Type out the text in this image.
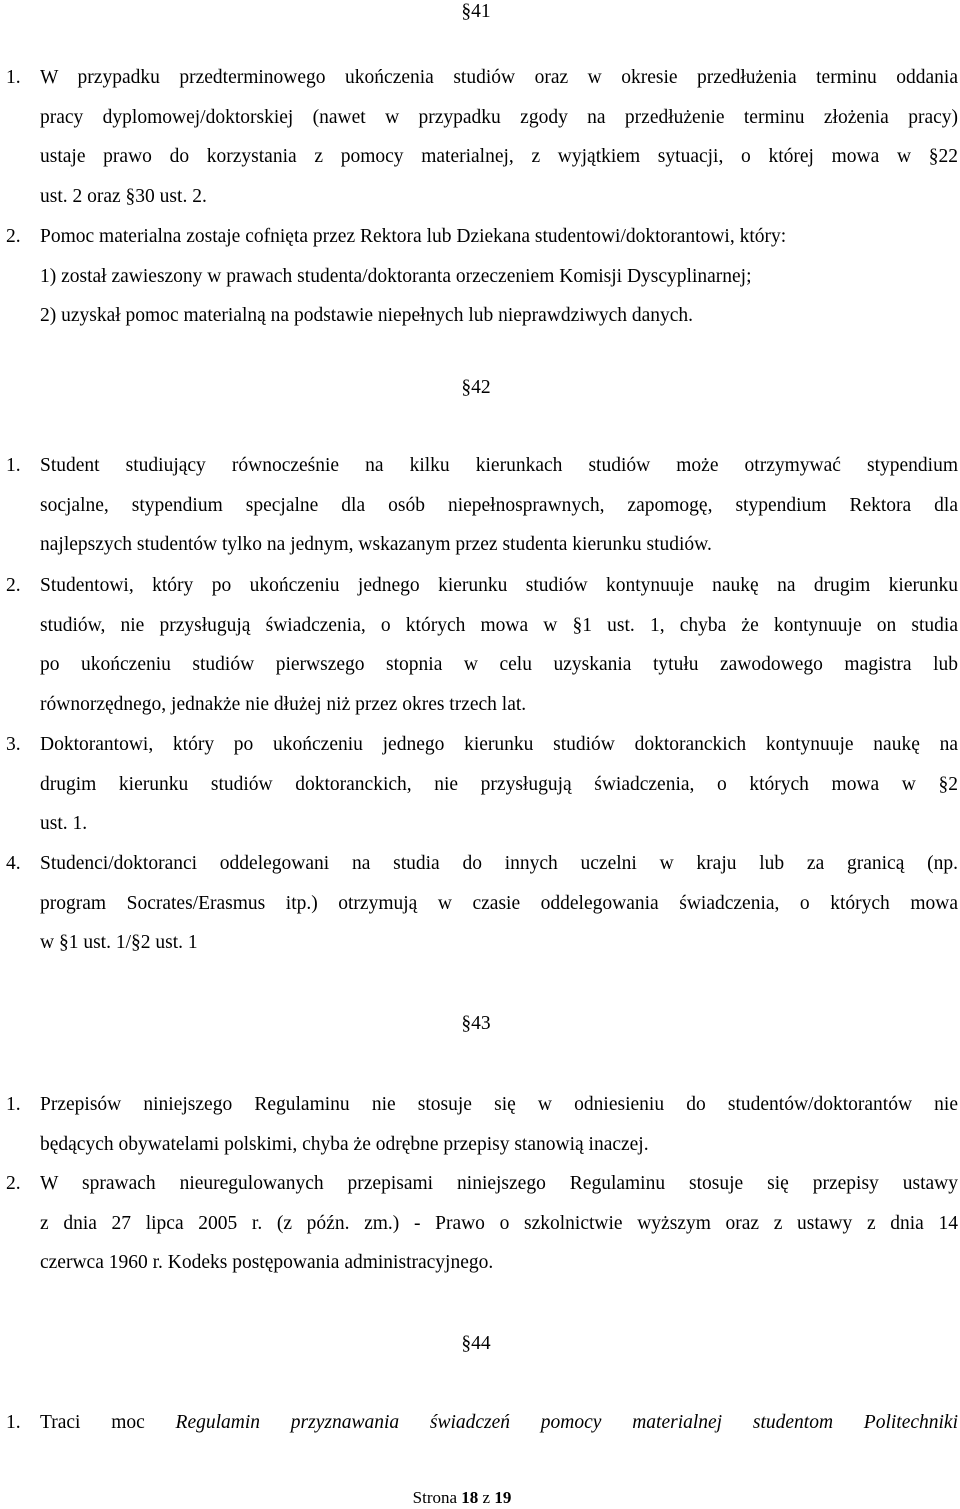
§41
1. W przypadku przedterminowego ukończenia studiów oraz w okresie przedłużenia terminu oddania
pracy dyplomowej/doktorskiej (nawet w przypadku zgody na przedłużenie terminu złożenia pracy)
ustaje prawo do korzystania z pomocy materialnej, z wyjątkiem sytuacji, o której mowa w §22
ust. 2 oraz §30 ust. 2.
2. Pomoc materialna zostaje cofnięta przez Rektora lub Dziekana studentowi/doktorantowi, który:
1) został zawieszony w prawach studenta/doktoranta orzeczeniem Komisji Dyscyplinarnej;
2) uzyskał pomoc materialną na podstawie niepełnych lub nieprawdziwych danych.
§42
1. Student studiujący równocześnie na kilku kierunkach studiów może otrzymywać stypendium
socjalne, stypendium specjalne dla osób niepełnosprawnych, zapomogę, stypendium Rektora dla
najlepszych studentów tylko na jednym, wskazanym przez studenta kierunku studiów.
2. Studentowi, który po ukończeniu jednego kierunku studiów kontynuuje naukę na drugim kierunku
studiów, nie przysługują świadczenia, o których mowa w §1 ust. 1, chyba że kontynuuje on studia
po ukończeniu studiów pierwszego stopnia w celu uzyskania tytułu zawodowego magistra lub
równorzędnego, jednakże nie dłużej niż przez okres trzech lat.
3. Doktorantowi, który po ukończeniu jednego kierunku studiów doktoranckich kontynuuje naukę na
drugim kierunku studiów doktoranckich, nie przysługują świadczenia, o których mowa w §2
ust. 1.
4. Studenci/doktoranci oddelegowani na studia do innych uczelni w kraju lub za granicą (np.
program Socrates/Erasmus itp.) otrzymują w czasie oddelegowania świadczenia, o których mowa
w §1 ust. 1/§2 ust. 1
§43
1. Przepisów niniejszego Regulaminu nie stosuje się w odniesieniu do studentów/doktorantów nie
będących obywatelami polskimi, chyba że odrębne przepisy stanowią inaczej.
2. W sprawach nieuregulowanych przepisami niniejszego Regulaminu stosuje się przepisy ustawy
z dnia 27 lipca 2005 r. (z późn. zm.) - Prawo o szkolnictwie wyższym oraz z ustawy z dnia 14
czerwca 1960 r. Kodeks postępowania administracyjnego.
§44
1. Traci moc Regulamin przyznawania świadczeń pomocy materialnej studentom Politechniki
Strona 18 z 19
